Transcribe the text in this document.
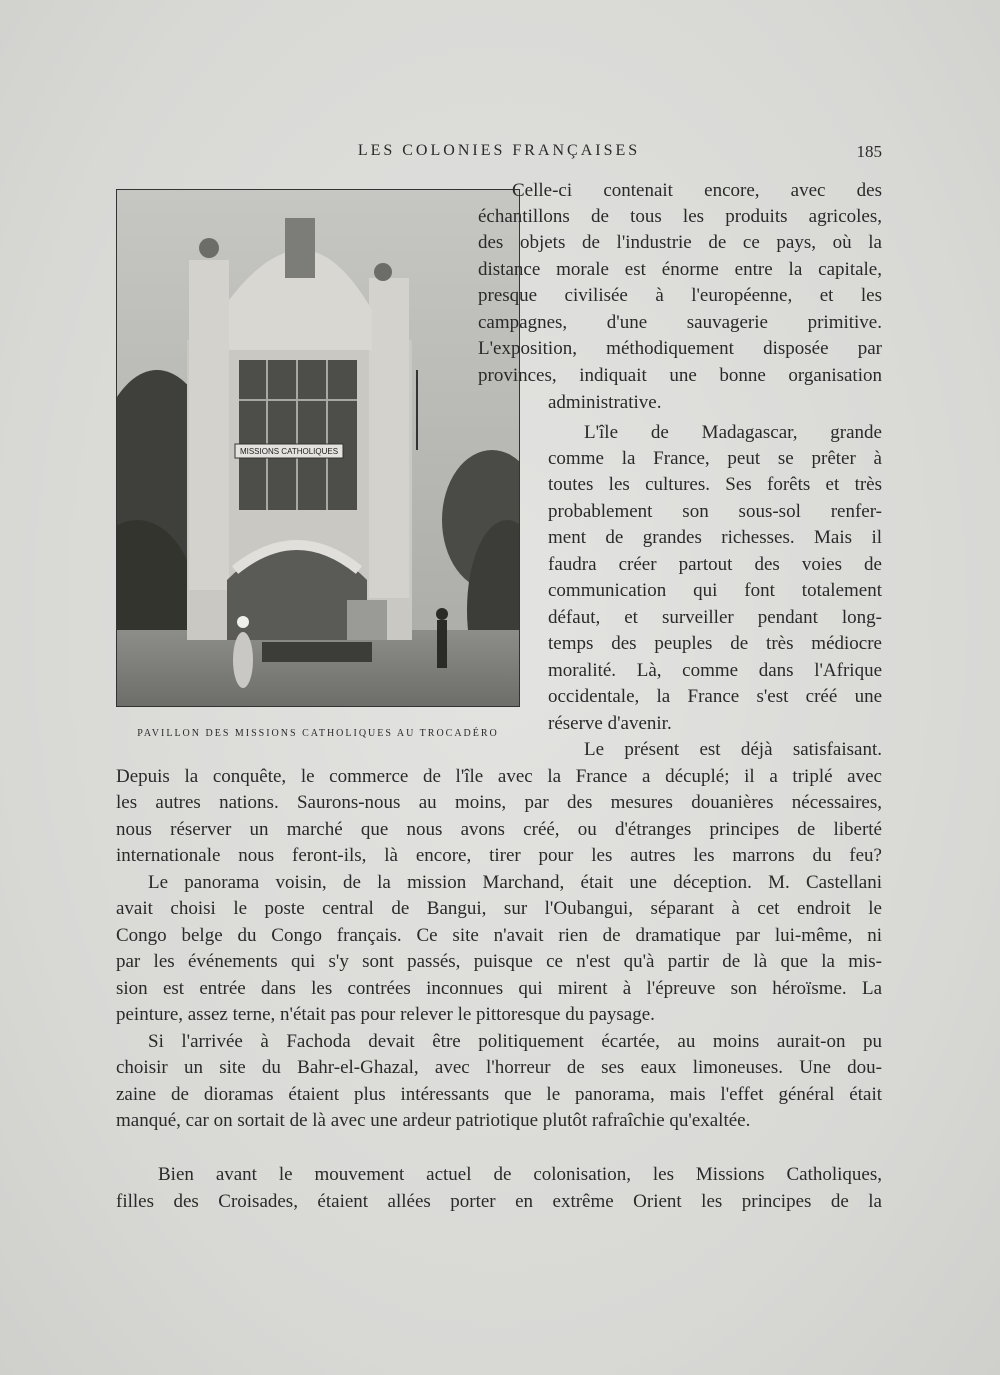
LES COLONIES FRANÇAISES	185
MISSIONS CATHOLIQUES
PAVILLON DES MISSIONS CATHOLIQUES AU TROCADÉRO
Celle-ci contenait encore, avec des
échantillons de tous les produits agricoles,
des objets de l'industrie de ce pays, où la
distance morale est énorme entre la capitale,
presque civilisée à l'européenne, et les
campagnes, d'une sauvagerie primitive.
L'exposition, méthodiquement disposée par
provinces, indiquait une bonne organisation
administrative.
L'île de Madagascar, grande
comme la France, peut se prêter à
toutes les cultures. Ses forêts et très
probablement son sous-sol renfer-
ment de grandes richesses. Mais il
faudra créer partout des voies de
communication qui font totalement
défaut, et surveiller pendant long-
temps des peuples de très médiocre
moralité. Là, comme dans l'Afrique
occidentale, la France s'est créé une
réserve d'avenir.
Le présent est déjà satisfaisant.
Depuis la conquête, le commerce de l'île avec la France a décuplé; il a triplé avec
les autres nations. Saurons-nous au moins, par des mesures douanières nécessaires,
nous réserver un marché que nous avons créé, ou d'étranges principes de liberté
internationale nous feront-ils, là encore, tirer pour les autres les marrons du feu?
Le panorama voisin, de la mission Marchand, était une déception. M. Castellani
avait choisi le poste central de Bangui, sur l'Oubangui, séparant à cet endroit le
Congo belge du Congo français. Ce site n'avait rien de dramatique par lui-même, ni
par les événements qui s'y sont passés, puisque ce n'est qu'à partir de là que la mis-
sion est entrée dans les contrées inconnues qui mirent à l'épreuve son héroïsme. La
peinture, assez terne, n'était pas pour relever le pittoresque du paysage.
Si l'arrivée à Fachoda devait être politiquement écartée, au moins aurait-on pu
choisir un site du Bahr-el-Ghazal, avec l'horreur de ses eaux limoneuses. Une dou-
zaine de dioramas étaient plus intéressants que le panorama, mais l'effet général était
manqué, car on sortait de là avec une ardeur patriotique plutôt rafraîchie qu'exaltée.
Bien avant le mouvement actuel de colonisation, les Missions Catholiques,
filles des Croisades, étaient allées porter en extrême Orient les principes de la
